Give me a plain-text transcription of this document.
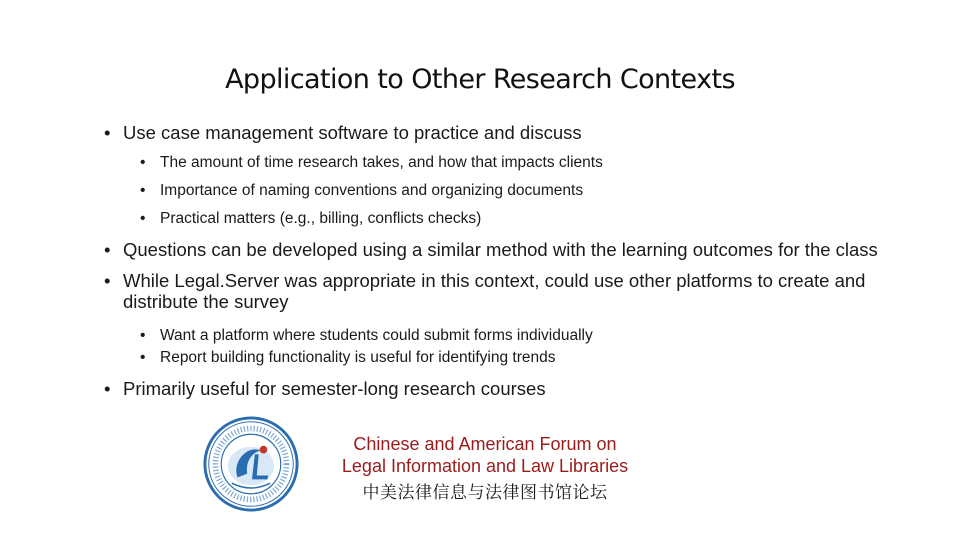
Application to Other Research Contexts
• Use case management software to practice and discuss
• The amount of time research takes, and how that impacts clients
• Importance of naming conventions and organizing documents
• Practical matters (e.g., billing, conflicts checks)
• Questions can be developed using a similar method with the learning outcomes for the class
• While Legal.Server was appropriate in this context, could use other platforms to create and distribute the survey
• Want a platform where students could submit forms individually
• Report building functionality is useful for identifying trends
• Primarily useful for semester-long research courses
Chinese and American Forum on
Legal Information and Law Libraries
中美法律信息与法律图书馆论坛
